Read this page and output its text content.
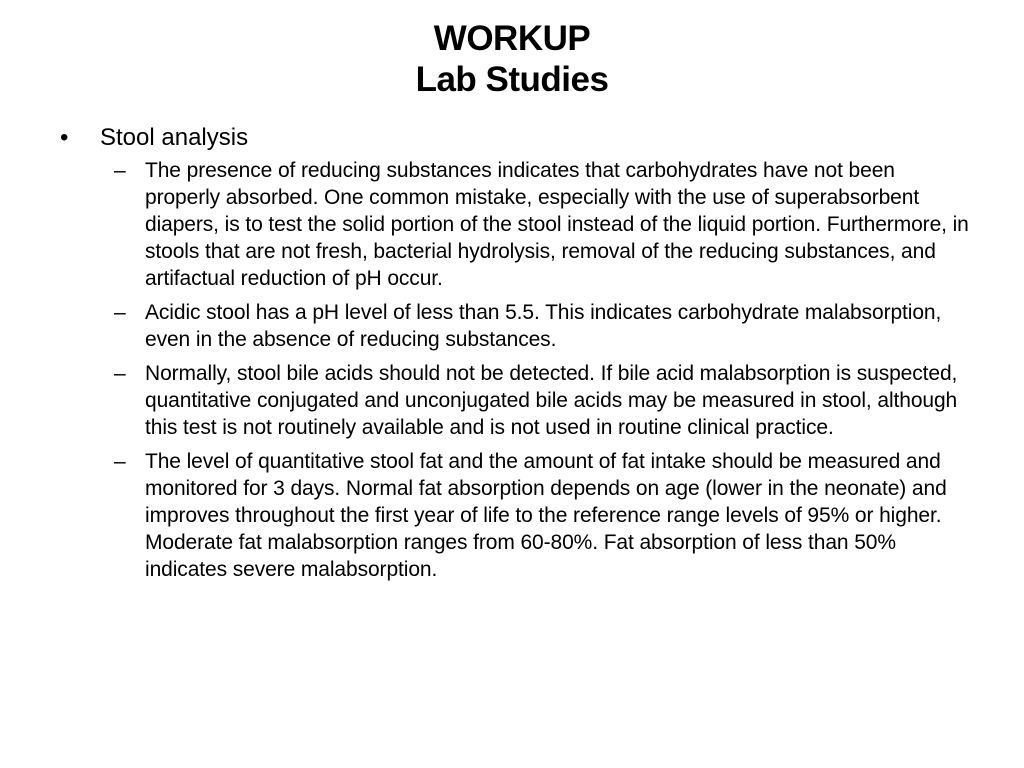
WORKUP
Lab Studies
•	Stool analysis
– The presence of reducing substances indicates that carbohydrates have not been properly absorbed. One common mistake, especially with the use of superabsorbent diapers, is to test the solid portion of the stool instead of the liquid portion. Furthermore, in stools that are not fresh, bacterial hydrolysis, removal of the reducing substances, and artifactual reduction of pH occur.
– Acidic stool has a pH level of less than 5.5. This indicates carbohydrate malabsorption, even in the absence of reducing substances.
– Normally, stool bile acids should not be detected. If bile acid malabsorption is suspected, quantitative conjugated and unconjugated bile acids may be measured in stool, although this test is not routinely available and is not used in routine clinical practice.
– The level of quantitative stool fat and the amount of fat intake should be measured and monitored for 3 days. Normal fat absorption depends on age (lower in the neonate) and improves throughout the first year of life to the reference range levels of 95% or higher. Moderate fat malabsorption ranges from 60-80%. Fat absorption of less than 50% indicates severe malabsorption.
